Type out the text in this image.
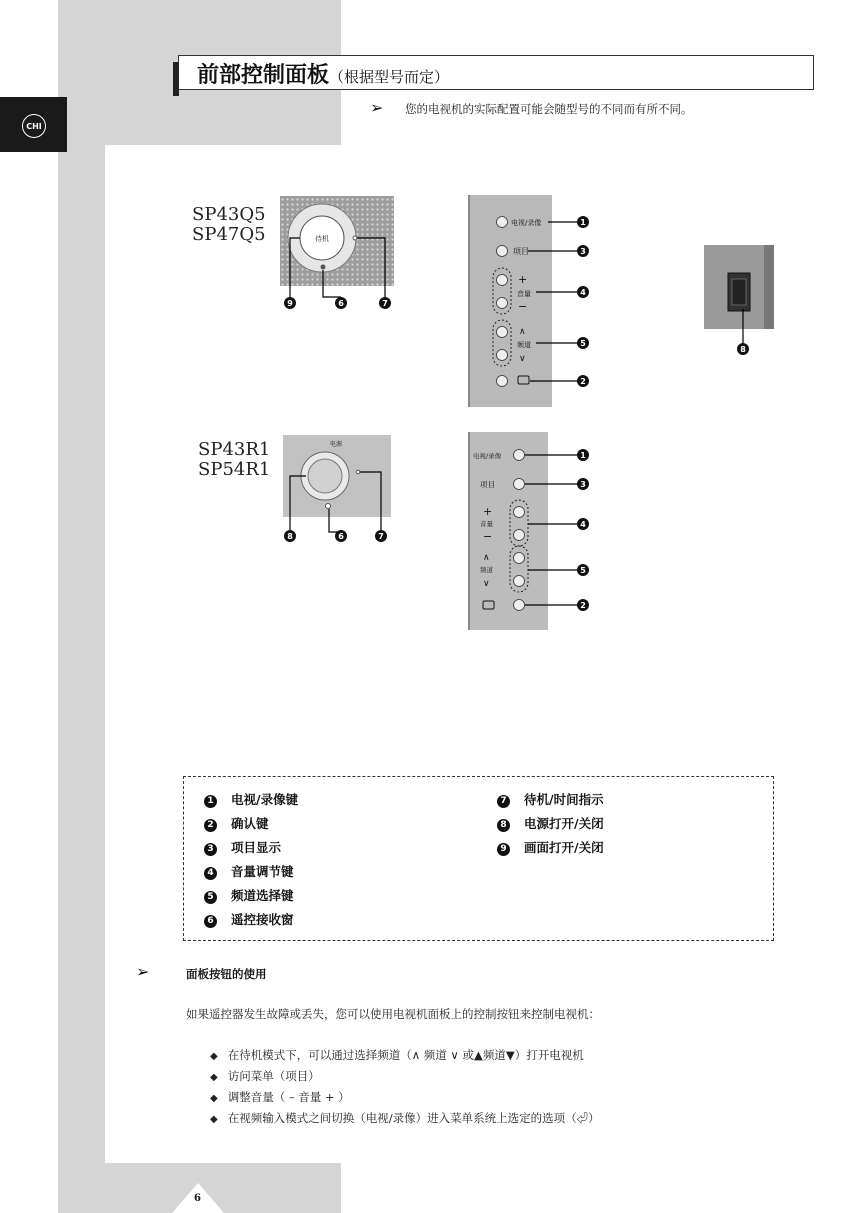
CHI
前部控制面板（根据型号而定）
➢ 您的电视机的实际配置可能会随型号的不同而有所不同。
SP43Q5
SP47Q5
SP43R1
SP54R1
待机
9	6	7
电视/录像	1
项目	3
+
音量
−
4
∧
频道
∨
5
2
8
电源
8	6	7
电视/录像	1
项目	3
+
音量
−
4
∧
频道
∨
5
2
1 电视/录像键
2 确认键
3 项目显示
4 音量调节键
5 频道选择键
6 遥控接收窗
7 待机/时间指示
8 电源打开/关闭
9 画面打开/关闭
➢	面板按钮的使用
如果遥控器发生故障或丢失，您可以使用电视机面板上的控制按钮来控制电视机：
◆ 在待机模式下，可以通过选择频道（∧ 频道 ∨ 或▲频道▼）打开电视机
◆ 访问菜单（项目）
◆ 调整音量（ – 音量 + ）
◆ 在视频输入模式之间切换（电视/录像）进入菜单系统上选定的选项（⏎）
6
